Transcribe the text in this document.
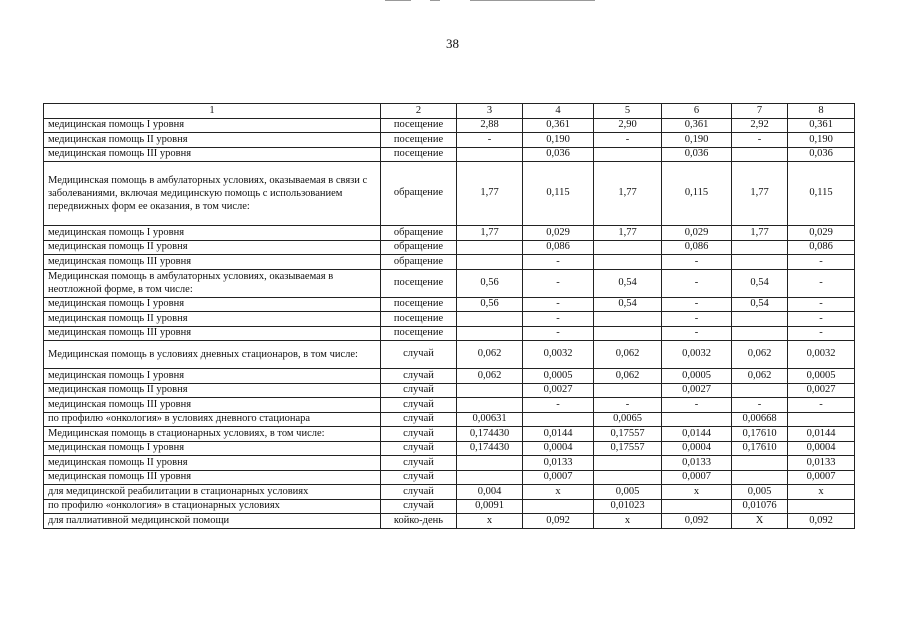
38
1	2	3	4	5	6	7	8
медицинская помощь I уровня	посещение	2,88	0,361	2,90	0,361	2,92	0,361
медицинская помощь II уровня	посещение	-	0,190	-	0,190	-	0,190
медицинская помощь III уровня	посещение		0,036		0,036		0,036
Медицинская помощь в амбулаторных условиях, оказываемая в связи с заболеваниями, включая медицинскую помощь с использованием передвижных форм ее оказания, в том числе:	обращение	1,77	0,115	1,77	0,115	1,77	0,115
медицинская помощь I уровня	обращение	1,77	0,029	1,77	0,029	1,77	0,029
медицинская помощь II уровня	обращение		0,086		0,086		0,086
медицинская помощь III уровня	обращение		-		-		-
Медицинская помощь в амбулаторных условиях, оказываемая в неотложной форме, в том числе:	посещение	0,56	-	0,54	-	0,54	-
медицинская помощь I уровня	посещение	0,56	-	0,54	-	0,54	-
медицинская помощь II уровня	посещение		-		-		-
медицинская помощь III уровня	посещение		-		-		-
Медицинская помощь в условиях дневных стационаров, в том числе:	случай	0,062	0,0032	0,062	0,0032	0,062	0,0032
медицинская помощь I уровня	случай	0,062	0,0005	0,062	0,0005	0,062	0,0005
медицинская помощь II уровня	случай		0,0027		0,0027		0,0027
медицинская помощь III уровня	случай		-	-	-	-	-
по профилю «онкология» в условиях дневного стационара	случай	0,00631		0,0065		0,00668	
Медицинская помощь в стационарных условиях, в том числе:	случай	0,174430	0,0144	0,17557	0,0144	0,17610	0,0144
медицинская помощь I уровня	случай	0,174430	0,0004	0,17557	0,0004	0,17610	0,0004
медицинская помощь II уровня	случай		0,0133		0,0133		0,0133
медицинская помощь III уровня	случай		0,0007		0,0007		0,0007
для медицинской реабилитации в стационарных условиях	случай	0,004	х	0,005	х	0,005	х
по профилю «онкология» в стационарных условиях	случай	0,0091		0,01023		0,01076	
для паллиативной медицинской помощи	койко-день	х	0,092	х	0,092	Х	0,092
